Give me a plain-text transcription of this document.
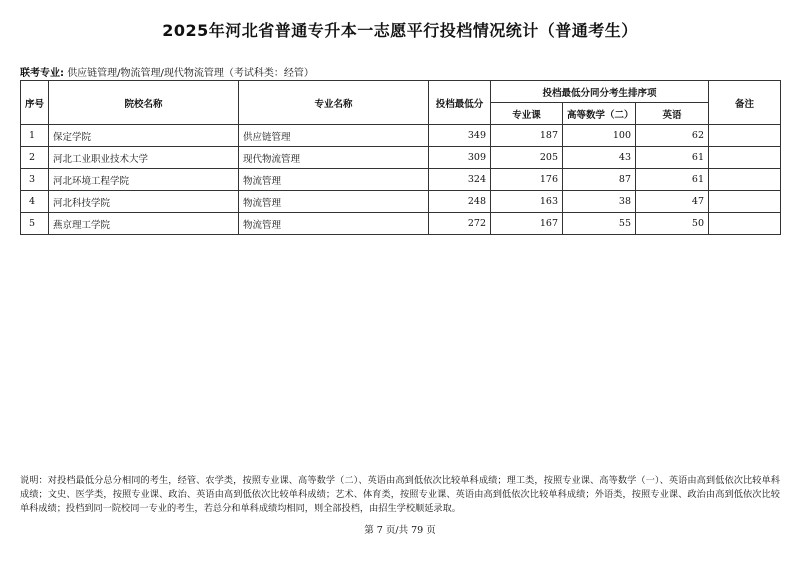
2025年河北省普通专升本一志愿平行投档情况统计（普通考生）
联考专业: 供应链管理/物流管理/现代物流管理（考试科类：经管）
序号	院校名称	专业名称	投档最低分	投档最低分同分考生排序项			备注
				专业课	高等数学（二）	英语	
1	保定学院	供应链管理	349	187	100	62	
2	河北工业职业技术大学	现代物流管理	309	205	43	61	
3	河北环境工程学院	物流管理	324	176	87	61	
4	河北科技学院	物流管理	248	163	38	47	
5	燕京理工学院	物流管理	272	167	55	50	
说明：对投档最低分总分相同的考生，经管、农学类，按照专业课、高等数学（二）、英语由高到低依次比较单科成绩；理工类，按照专业课、高等数学（一）、英语由高到低依次比较单科成绩；文史、医学类，按照专业课、政治、英语由高到低依次比较单科成绩；艺术、体育类，按照专业课、英语由高到低依次比较单科成绩；外语类，按照专业课、政治由高到低依次比较单科成绩；投档到同一院校同一专业的考生，若总分和单科成绩均相同，则全部投档，由招生学校顺延录取。
第 7 页/共 79 页
